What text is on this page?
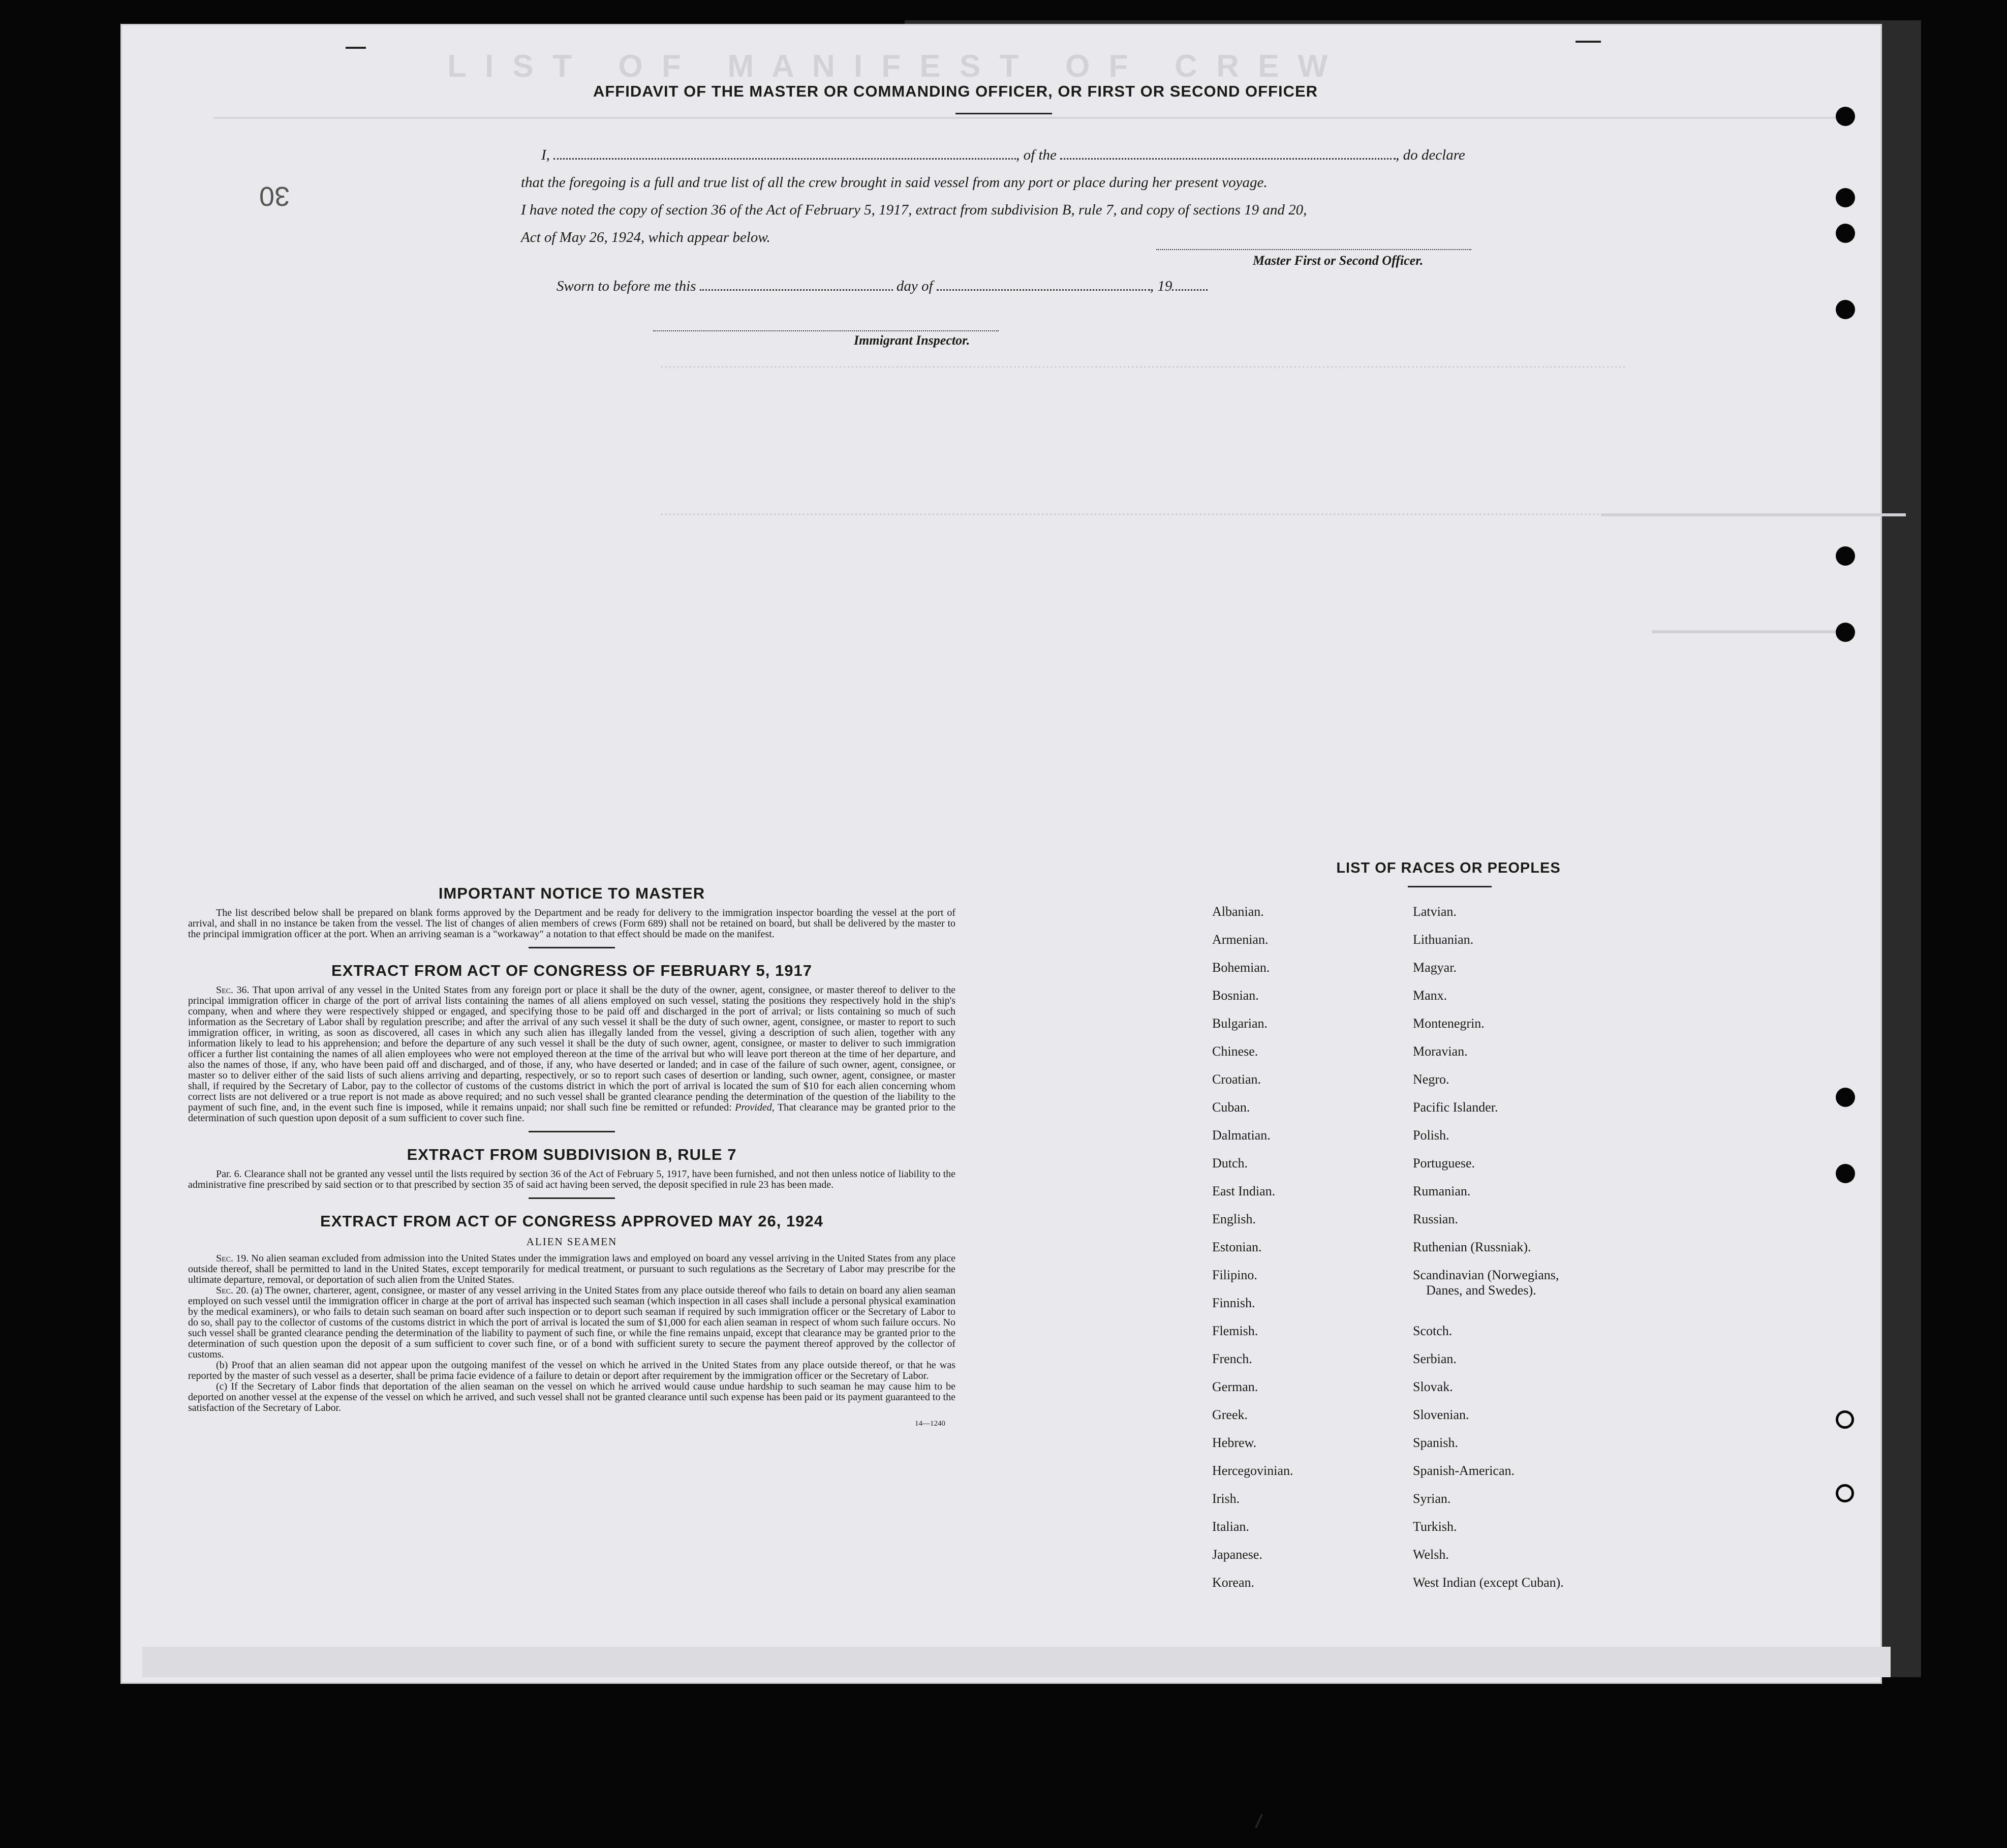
L I S T   O F   M A N I F E S T   O F   C R E W
AFFIDAVIT OF THE MASTER OR COMMANDING OFFICER, OR FIRST OR SECOND OFFICER
30
I,	, of the	, do declare
that the foregoing is a full and true list of all the crew brought in said vessel from any port or place during her present voyage.
I have noted the copy of section 36 of the Act of February 5, 1917, extract from subdivision B, rule 7, and copy of sections 19 and 20,
Act of May 26, 1924, which appear below.
Master First or Second Officer.
Sworn to before me this	day of	, 19
Immigrant Inspector.
IMPORTANT NOTICE TO MASTER

The list described below shall be prepared on blank forms approved by the Department and be ready for delivery to the immigration inspector boarding the vessel at the port of arrival, and shall in no instance be taken from the vessel. The list of changes of alien members of crews (Form 689) shall not be retained on board, but shall be delivered by the master to the principal immigration officer at the port. When an arriving seaman is a "workaway" a notation to that effect should be made on the manifest.

EXTRACT FROM ACT OF CONGRESS OF FEBRUARY 5, 1917

Sec. 36. That upon arrival of any vessel in the United States from any foreign port or place it shall be the duty of the owner, agent, consignee, or master thereof to deliver to the principal immigration officer in charge of the port of arrival lists containing the names of all aliens employed on such vessel, stating the positions they respectively hold in the ship's company, when and where they were respectively shipped or engaged, and specifying those to be paid off and discharged in the port of arrival; or lists containing so much of such information as the Secretary of Labor shall by regulation prescribe; and after the arrival of any such vessel it shall be the duty of such owner, agent, consignee, or master to report to such immigration officer, in writing, as soon as discovered, all cases in which any such alien has illegally landed from the vessel, giving a description of such alien, together with any information likely to lead to his apprehension; and before the departure of any such vessel it shall be the duty of such owner, agent, consignee, or master to deliver to such immigration officer a further list containing the names of all alien employees who were not employed thereon at the time of the arrival but who will leave port thereon at the time of her departure, and also the names of those, if any, who have been paid off and discharged, and of those, if any, who have deserted or landed; and in case of the failure of such owner, agent, consignee, or master so to deliver either of the said lists of such aliens arriving and departing, respectively, or so to report such cases of desertion or landing, such owner, agent, consignee, or master shall, if required by the Secretary of Labor, pay to the collector of customs of the customs district in which the port of arrival is located the sum of $10 for each alien concerning whom correct lists are not delivered or a true report is not made as above required; and no such vessel shall be granted clearance pending the determination of the question of the liability to the payment of such fine, and, in the event such fine is imposed, while it remains unpaid; nor shall such fine be remitted or refunded: Provided, That clearance may be granted prior to the determination of such question upon deposit of a sum sufficient to cover such fine.

EXTRACT FROM SUBDIVISION B, RULE 7

Par. 6. Clearance shall not be granted any vessel until the lists required by section 36 of the Act of February 5, 1917, have been furnished, and not then unless notice of liability to the administrative fine prescribed by said section or to that prescribed by section 35 of said act having been served, the deposit specified in rule 23 has been made.

EXTRACT FROM ACT OF CONGRESS APPROVED MAY 26, 1924
ALIEN SEAMEN

Sec. 19. No alien seaman excluded from admission into the United States under the immigration laws and employed on board any vessel arriving in the United States from any place outside thereof, shall be permitted to land in the United States, except temporarily for medical treatment, or pursuant to such regulations as the Secretary of Labor may prescribe for the ultimate departure, removal, or deportation of such alien from the United States.

Sec. 20. (a) The owner, charterer, agent, consignee, or master of any vessel arriving in the United States from any place outside thereof who fails to detain on board any alien seaman employed on such vessel until the immigration officer in charge at the port of arrival has inspected such seaman (which inspection in all cases shall include a personal physical examination by the medical examiners), or who fails to detain such seaman on board after such inspection or to deport such seaman if required by such immigration officer or the Secretary of Labor to do so, shall pay to the collector of customs of the customs district in which the port of arrival is located the sum of $1,000 for each alien seaman in respect of whom such failure occurs. No such vessel shall be granted clearance pending the determination of the liability to payment of such fine, or while the fine remains unpaid, except that clearance may be granted prior to the determination of such question upon the deposit of a sum sufficient to cover such fine, or of a bond with sufficient surety to secure the payment thereof approved by the collector of customs.

(b) Proof that an alien seaman did not appear upon the outgoing manifest of the vessel on which he arrived in the United States from any place outside thereof, or that he was reported by the master of such vessel as a deserter, shall be prima facie evidence of a failure to detain or deport after requirement by the immigration officer or the Secretary of Labor.

(c) If the Secretary of Labor finds that deportation of the alien seaman on the vessel on which he arrived would cause undue hardship to such seaman he may cause him to be deported on another vessel at the expense of the vessel on which he arrived, and such vessel shall not be granted clearance until such expense has been paid or its payment guaranteed to the satisfaction of the Secretary of Labor.

14—1240
LIST OF RACES OR PEOPLES
Albanian.	Latvian.
Armenian.	Lithuanian.
Bohemian.	Magyar.
Bosnian.	Manx.
Bulgarian.	Montenegrin.
Chinese.	Moravian.
Croatian.	Negro.
Cuban.	Pacific Islander.
Dalmatian.	Polish.
Dutch.	Portuguese.
East Indian.	Rumanian.
English.	Russian.
Estonian.	Ruthenian (Russniak).
Filipino.	Scandinavian (Norwegians,
Danes, and Swedes).
Finnish.
Flemish.	Scotch.
French.	Serbian.
German.	Slovak.
Greek.	Slovenian.
Hebrew.	Spanish.
Hercegovinian.	Spanish-American.
Irish.	Syrian.
Italian.	Turkish.
Japanese.	Welsh.
Korean.	West Indian (except Cuban).
